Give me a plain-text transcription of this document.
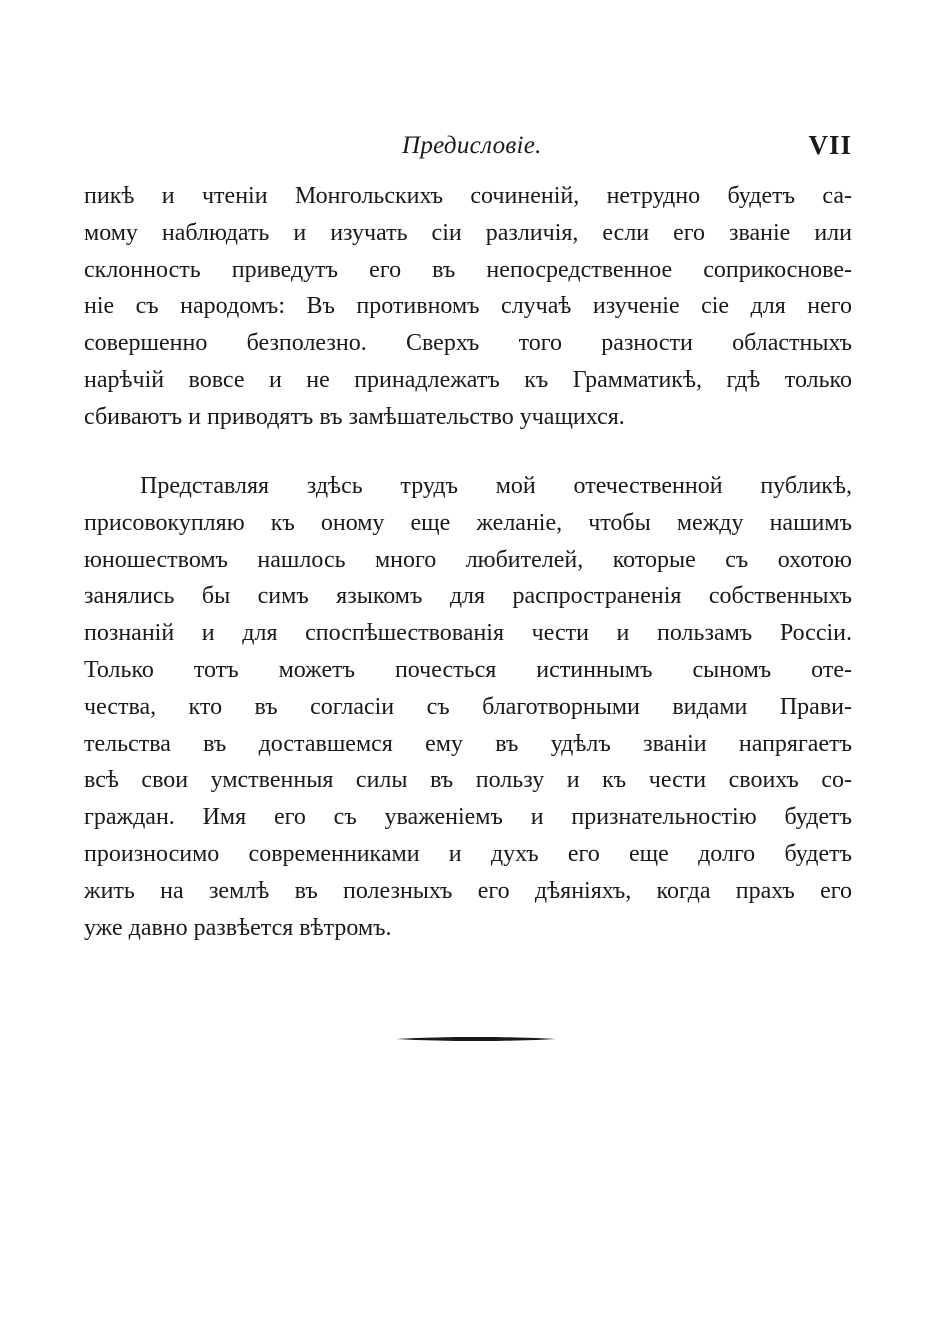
Предисловіе.	VII

пикѣ и чтеніи Монгольскихъ сочиненій, нетрудно будетъ са-
мому наблюдать и изучать сіи различія, если его званіе или
склонность приведутъ его въ непосредственное соприкоснове-
ніе съ народомъ: Въ противномъ случаѣ изученіе сіе для него
совершенно безполезно. Сверхъ того разности областныхъ
нарѣчій вовсе и не принадлежатъ къ Грамматикѣ, гдѣ только
сбиваютъ и приводятъ въ замѣшательство учащихся.

Представляя здѣсь трудъ мой отечественной публикѣ,
присовокупляю къ оному еще желаніе, чтобы между нашимъ
юношествомъ нашлось много любителей, которые съ охотою
занялись бы симъ языкомъ для распространенія собственныхъ
познаній и для споспѣшествованія чести и пользамъ Россіи.
Только тотъ можетъ почесться истиннымъ сыномъ оте-
чества, кто въ согласіи съ благотворными видами Прави-
тельства въ доставшемся ему въ удѣлъ званіи напрягаетъ
всѣ свои умственныя силы въ пользу и къ чести своихъ со-
граждан. Имя его съ уваженіемъ и признательностію будетъ
произносимо современниками и духъ его еще долго будетъ
жить на землѣ въ полезныхъ его дѣяніяхъ, когда прахъ его
уже давно развѣется вѣтромъ.
